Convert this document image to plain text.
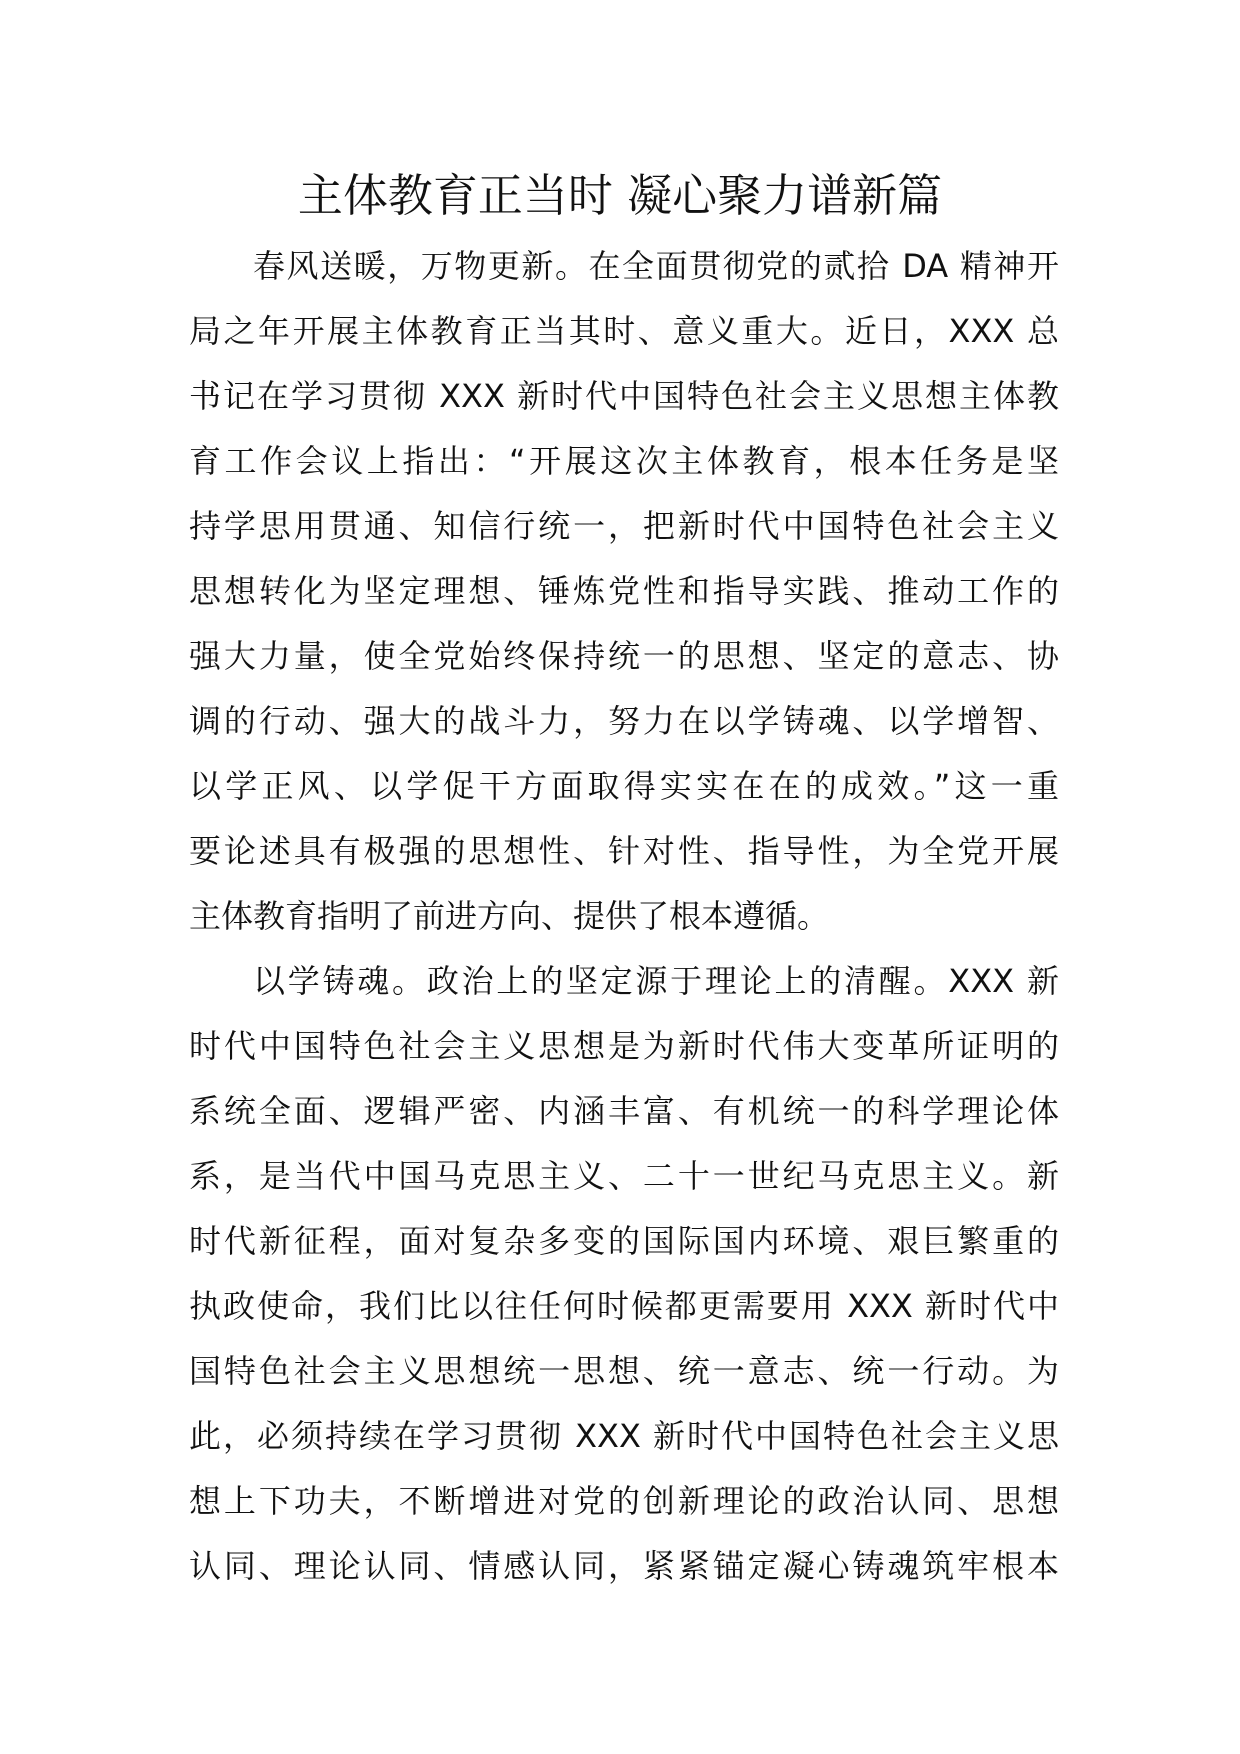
主体教育正当时 凝心聚力谱新篇

春风送暖，万物更新。在全面贯彻党的贰拾 DA 精神开
局之年开展主体教育正当其时、意义重大。近日，XXX 总
书记在学习贯彻 XXX 新时代中国特色社会主义思想主体教
育工作会议上指出：“开展这次主体教育，根本任务是坚
持学思用贯通、知信行统一，把新时代中国特色社会主义
思想转化为坚定理想、锤炼党性和指导实践、推动工作的
强大力量，使全党始终保持统一的思想、坚定的意志、协
调的行动、强大的战斗力，努力在以学铸魂、以学增智、
以学正风、以学促干方面取得实实在在的成效。”这一重
要论述具有极强的思想性、针对性、指导性，为全党开展
主体教育指明了前进方向、提供了根本遵循。

以学铸魂。政治上的坚定源于理论上的清醒。XXX 新
时代中国特色社会主义思想是为新时代伟大变革所证明的
系统全面、逻辑严密、内涵丰富、有机统一的科学理论体
系，是当代中国马克思主义、二十一世纪马克思主义。新
时代新征程，面对复杂多变的国际国内环境、艰巨繁重的
执政使命，我们比以往任何时候都更需要用 XXX 新时代中
国特色社会主义思想统一思想、统一意志、统一行动。为
此，必须持续在学习贯彻 XXX 新时代中国特色社会主义思
想上下功夫，不断增进对党的创新理论的政治认同、思想
认同、理论认同、情感认同，紧紧锚定凝心铸魂筑牢根本
